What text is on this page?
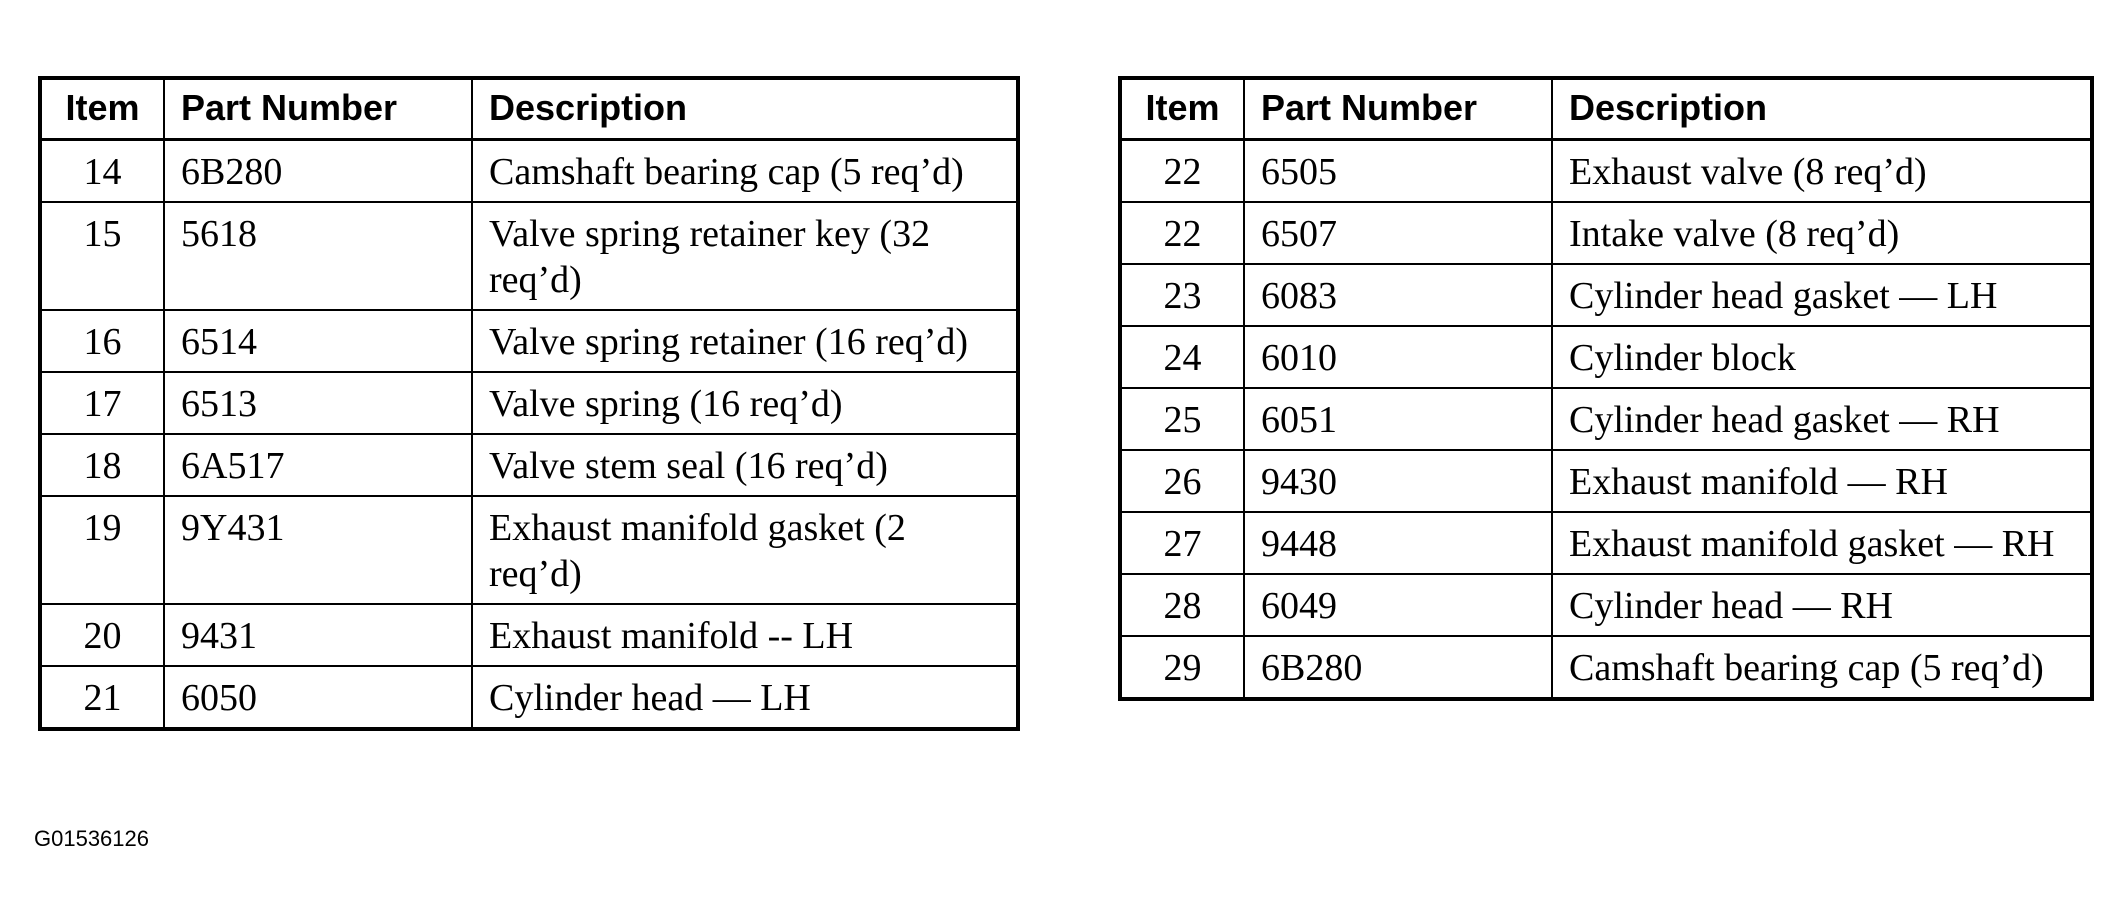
Item	Part Number	Description
14	6B280	Camshaft bearing cap (5 req’d)
15	5618	Valve spring retainer key (32 req’d)
16	6514	Valve spring retainer (16 req’d)
17	6513	Valve spring (16 req’d)
18	6A517	Valve stem seal (16 req’d)
19	9Y431	Exhaust manifold gasket (2 req’d)
20	9431	Exhaust manifold -- LH
21	6050	Cylinder head — LH
Item	Part Number	Description
22	6505	Exhaust valve (8 req’d)
22	6507	Intake valve (8 req’d)
23	6083	Cylinder head gasket — LH
24	6010	Cylinder block
25	6051	Cylinder head gasket — RH
26	9430	Exhaust manifold — RH
27	9448	Exhaust manifold gasket — RH
28	6049	Cylinder head — RH
29	6B280	Camshaft bearing cap (5 req’d)
G01536126
